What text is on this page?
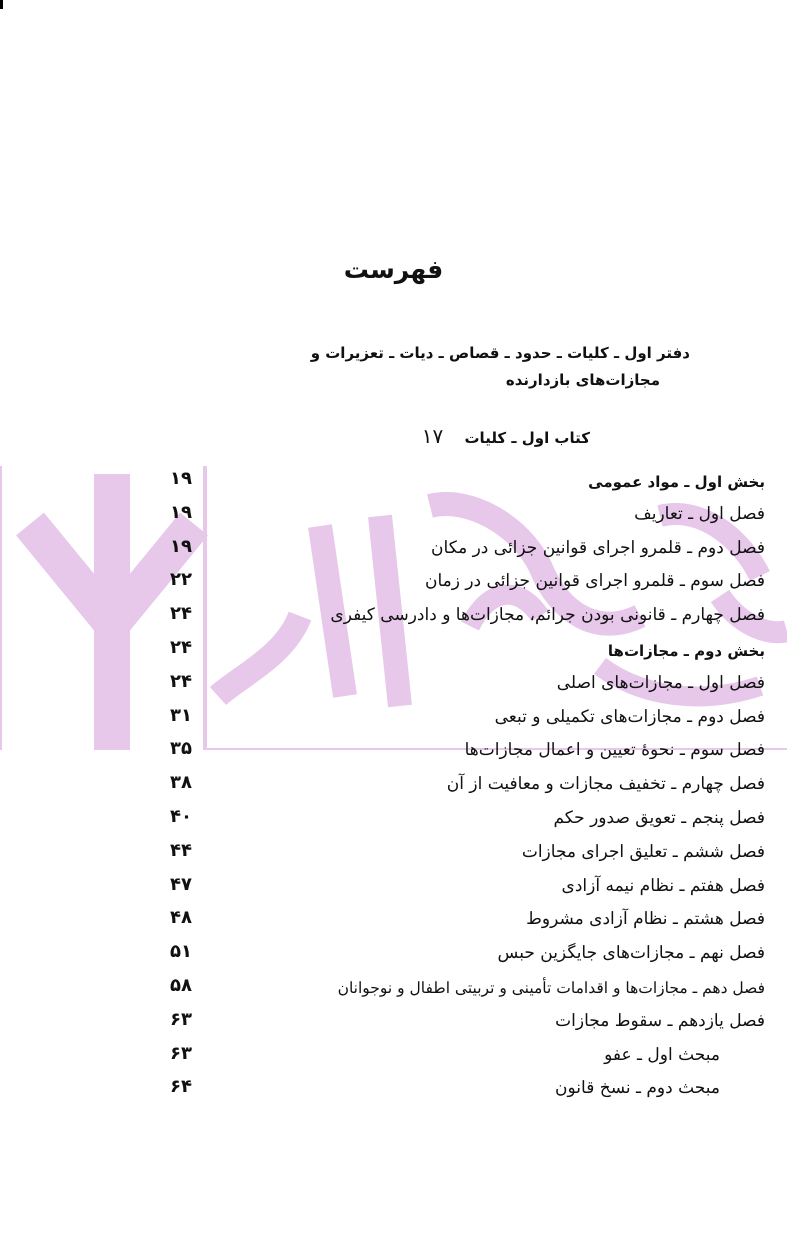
فهرست
دفتر اول ـ کلیات ـ حدود ـ قصاص ـ دیات ـ تعزیرات و
مجازات‌های بازدارنده
کتاب اول ـ کلیات ۱۷
بخش اول ـ مواد عمومی
۱۹
فصل اول ـ تعاریف
۱۹
فصل دوم ـ قلمرو اجرای قوانین جزائی در مکان
۱۹
فصل سوم ـ قلمرو اجرای قوانین جزائی در زمان
۲۲
فصل چهارم ـ قانونی بودن جرائم، مجازات‌ها و دادرسی کیفری
۲۴
بخش دوم ـ مجازات‌ها
۲۴
فصل اول ـ مجازات‌های اصلی
۲۴
فصل دوم ـ مجازات‌های تکمیلی و تبعی
۳۱
فصل سوم ـ نحوهٔ تعیین و اعمال مجازات‌ها
۳۵
فصل چهارم ـ تخفیف مجازات و معافیت از آن
۳۸
فصل پنجم ـ تعویق صدور حکم
۴۰
فصل ششم ـ تعلیق اجرای مجازات
۴۴
فصل هفتم ـ نظام نیمه آزادی
۴۷
فصل هشتم ـ نظام آزادی مشروط
۴۸
فصل نهم ـ مجازات‌های جایگزین حبس
۵۱
فصل دهم ـ مجازات‌ها و اقدامات تأمینی و تربیتی اطفال و نوجوانان
۵۸
فصل یازدهم ـ سقوط مجازات
۶۳
مبحث اول ـ عفو
۶۳
مبحث دوم ـ نسخ قانون
۶۴
